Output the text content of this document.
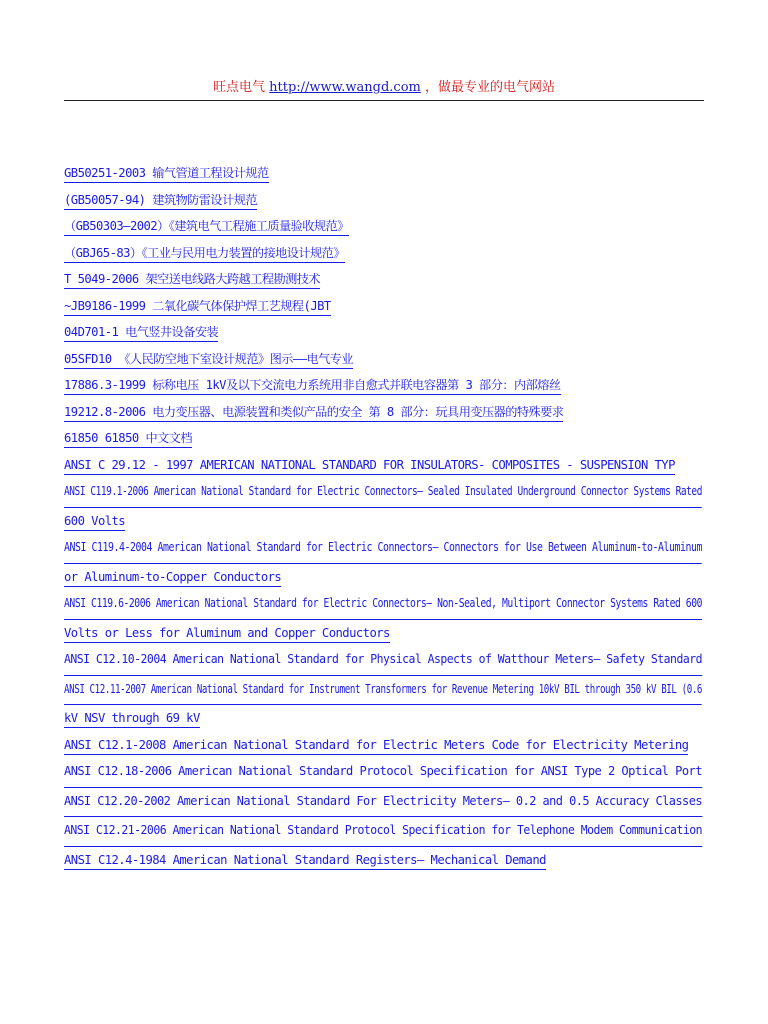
旺点电气 http://www.wangd.com ，做最专业的电气网站
GB50251-2003 输气管道工程设计规范
(GB50057-94) 建筑物防雷设计规范
（GB50303—2002）《建筑电气工程施工质量验收规范》
（GBJ65-83）《工业与民用电力装置的接地设计规范》
T 5049-2006 架空送电线路大跨越工程勘测技术
~JB9186-1999 二氧化碳气体保护焊工艺规程(JBT
04D701-1 电气竖井设备安装
05SFD10 《人民防空地下室设计规范》图示——电气专业
17886.3-1999 标称电压 1kV及以下交流电力系统用非自愈式并联电容器第 3 部分：内部熔丝
19212.8-2006 电力变压器、电源装置和类似产品的安全 第 8 部分：玩具用变压器的特殊要求
61850 61850 中文文档
ANSI C 29.12 - 1997 AMERICAN NATIONAL STANDARD FOR INSULATORS- COMPOSITES - SUSPENSION TYP
ANSI C119.1-2006 American National Standard for Electric Connectors— Sealed Insulated Underground Connector Systems Rated
600 Volts
ANSI C119.4-2004 American National Standard for Electric Connectors— Connectors for Use Between Aluminum-to-Aluminum
or Aluminum-to-Copper Conductors
ANSI C119.6-2006 American National Standard for Electric Connectors— Non-Sealed, Multiport Connector Systems Rated 600
Volts or Less for Aluminum and Copper Conductors
ANSI C12.10-2004 American National Standard for Physical Aspects of Watthour Meters— Safety Standard
ANSI C12.11-2007 American National Standard for Instrument Transformers for Revenue Metering 10kV BIL through 350 kV BIL (0.6
kV NSV through 69 kV
ANSI C12.1-2008 American National Standard for Electric Meters Code for Electricity Metering
ANSI C12.18-2006 American National Standard Protocol Specification for ANSI Type 2 Optical Port
ANSI C12.20-2002 American National Standard For Electricity Meters— 0.2 and 0.5 Accuracy Classes
ANSI C12.21-2006 American National Standard Protocol Specification for Telephone Modem Communication
ANSI C12.4-1984 American National Standard Registers— Mechanical Demand
